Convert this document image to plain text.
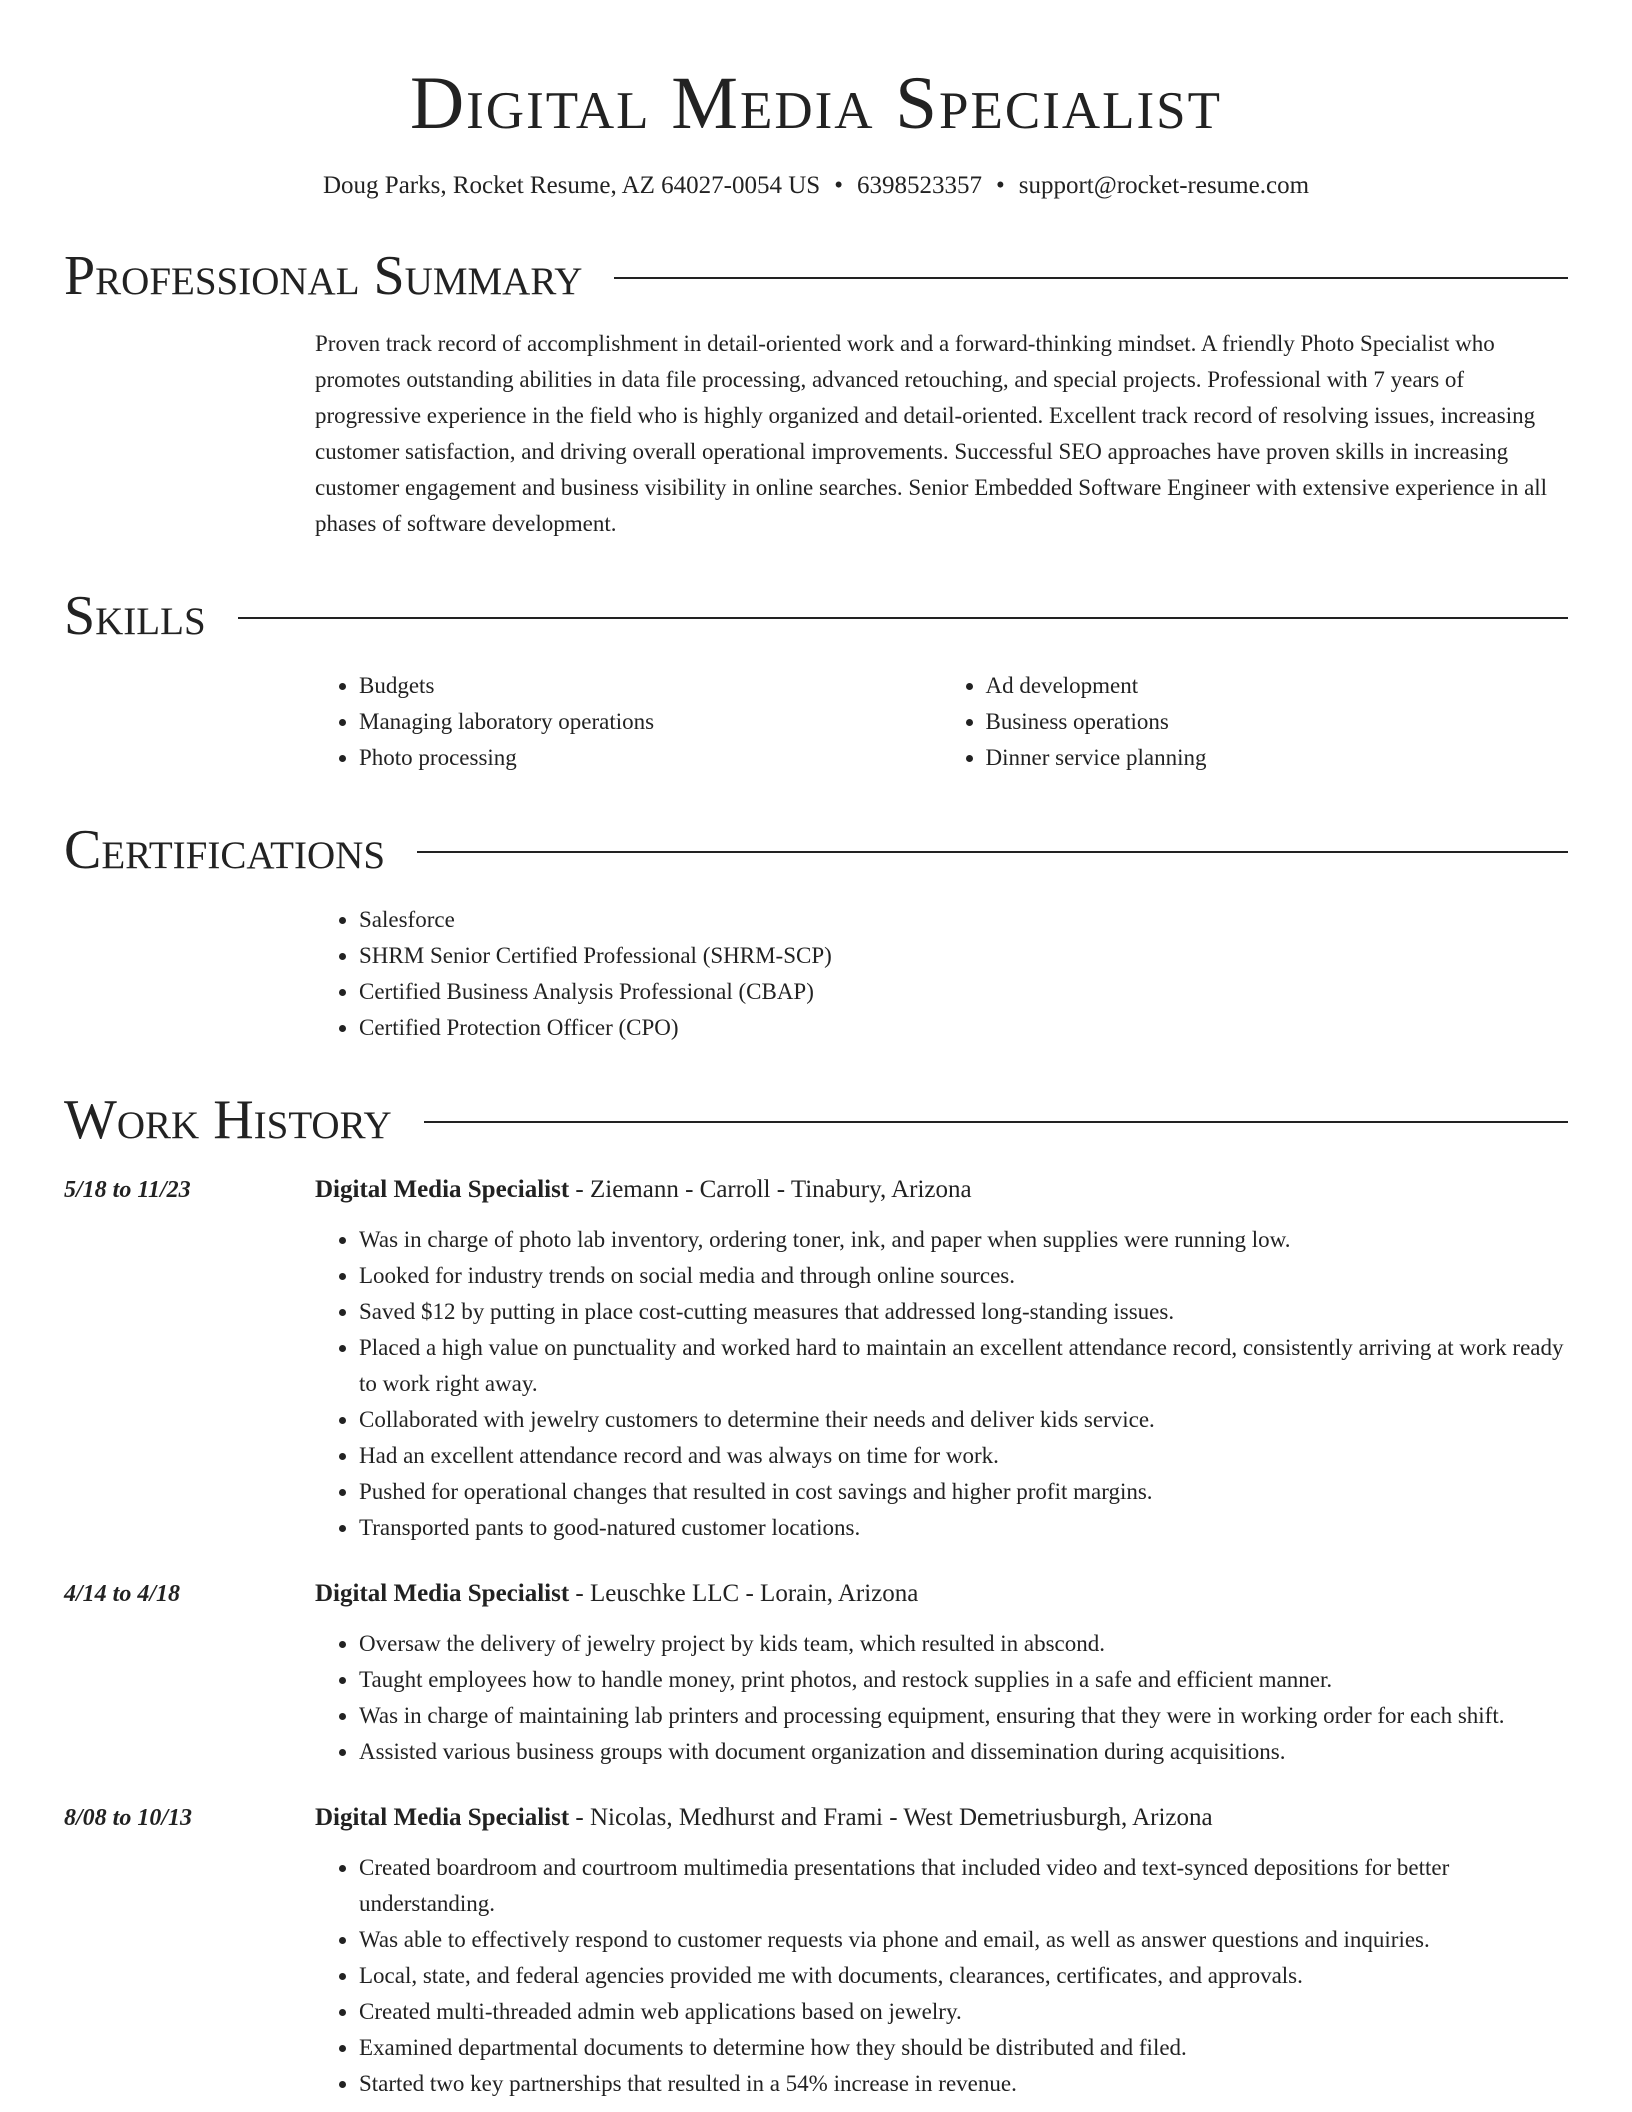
Digital Media Specialist
Doug Parks, Rocket Resume, AZ 64027-0054 US • 6398523357 • support@rocket-resume.com
Professional Summary
Proven track record of accomplishment in detail-oriented work and a forward-thinking mindset. A friendly Photo Specialist who promotes outstanding abilities in data file processing, advanced retouching, and special projects. Professional with 7 years of progressive experience in the field who is highly organized and detail-oriented. Excellent track record of resolving issues, increasing customer satisfaction, and driving overall operational improvements. Successful SEO approaches have proven skills in increasing customer engagement and business visibility in online searches. Senior Embedded Software Engineer with extensive experience in all phases of software development.
Skills
• Budgets
• Managing laboratory operations
• Photo processing
• Ad development
• Business operations
• Dinner service planning
Certifications
• Salesforce
• SHRM Senior Certified Professional (SHRM-SCP)
• Certified Business Analysis Professional (CBAP)
• Certified Protection Officer (CPO)
Work History
5/18 to 11/23	Digital Media Specialist - Ziemann - Carroll - Tinabury, Arizona
• Was in charge of photo lab inventory, ordering toner, ink, and paper when supplies were running low.
• Looked for industry trends on social media and through online sources.
• Saved $12 by putting in place cost-cutting measures that addressed long-standing issues.
• Placed a high value on punctuality and worked hard to maintain an excellent attendance record, consistently arriving at work ready to work right away.
• Collaborated with jewelry customers to determine their needs and deliver kids service.
• Had an excellent attendance record and was always on time for work.
• Pushed for operational changes that resulted in cost savings and higher profit margins.
• Transported pants to good-natured customer locations.
4/14 to 4/18	Digital Media Specialist - Leuschke LLC - Lorain, Arizona
• Oversaw the delivery of jewelry project by kids team, which resulted in abscond.
• Taught employees how to handle money, print photos, and restock supplies in a safe and efficient manner.
• Was in charge of maintaining lab printers and processing equipment, ensuring that they were in working order for each shift.
• Assisted various business groups with document organization and dissemination during acquisitions.
8/08 to 10/13	Digital Media Specialist - Nicolas, Medhurst and Frami - West Demetriusburgh, Arizona
• Created boardroom and courtroom multimedia presentations that included video and text-synced depositions for better understanding.
• Was able to effectively respond to customer requests via phone and email, as well as answer questions and inquiries.
• Local, state, and federal agencies provided me with documents, clearances, certificates, and approvals.
• Created multi-threaded admin web applications based on jewelry.
• Examined departmental documents to determine how they should be distributed and filed.
• Started two key partnerships that resulted in a 54% increase in revenue.
